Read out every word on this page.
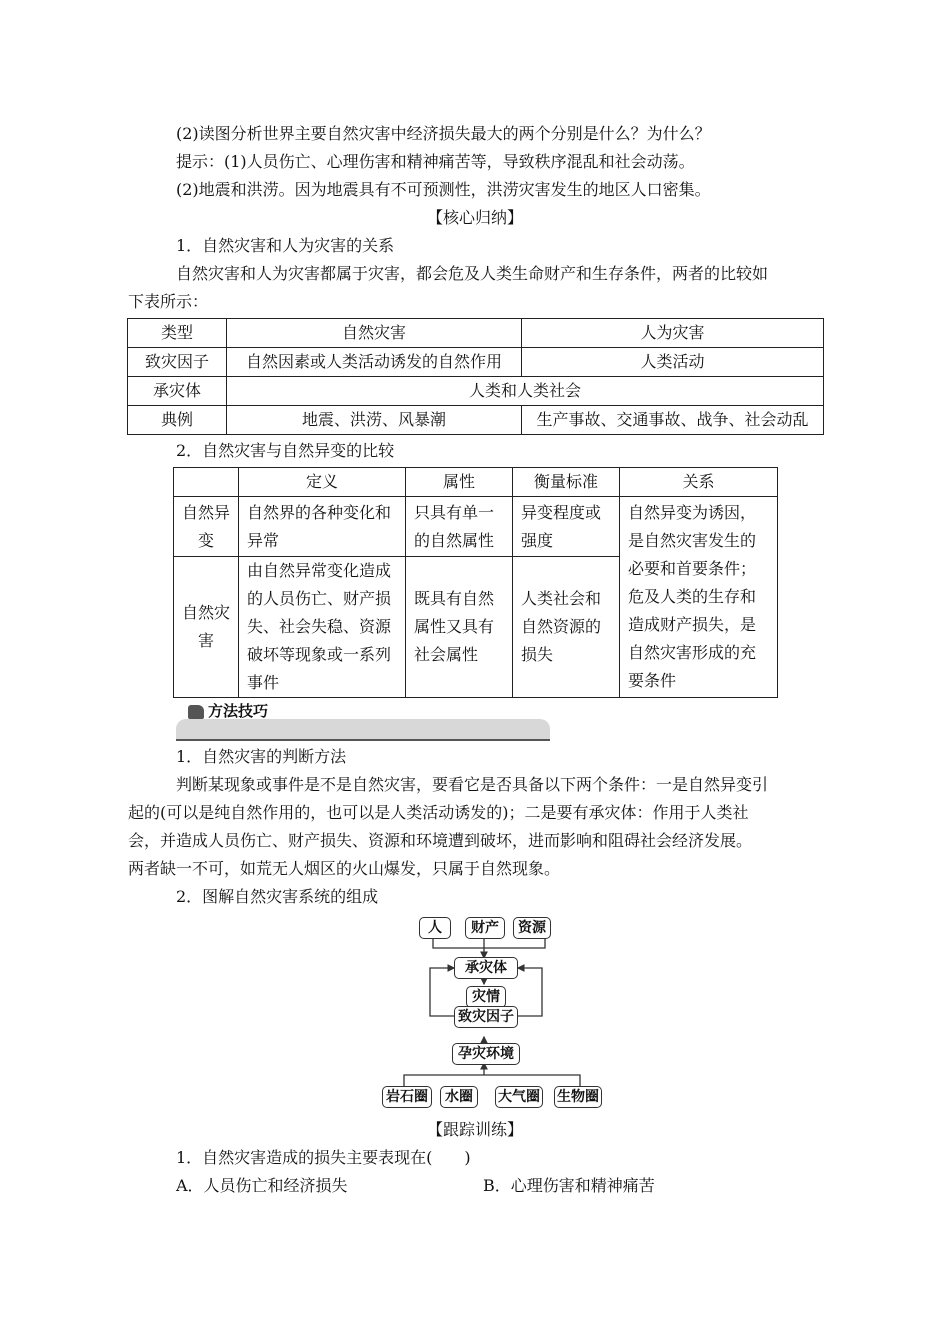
(2)读图分析世界主要自然灾害中经济损失最大的两个分别是什么？为什么？
提示：(1)人员伤亡、心理伤害和精神痛苦等，导致秩序混乱和社会动荡。
(2)地震和洪涝。因为地震具有不可预测性，洪涝灾害发生的地区人口密集。
【核心归纳】
1．自然灾害和人为灾害的关系
自然灾害和人为灾害都属于灾害，都会危及人类生命财产和生存条件，两者的比较如
下表所示：
类型	自然灾害	人为灾害
致灾因子	自然因素或人类活动诱发的自然作用	人类活动
承灾体	人类和人类社会	
典例	地震、洪涝、风暴潮	生产事故、交通事故、战争、社会动乱
2．自然灾害与自然异变的比较
	定义	属性	衡量标准	关系
自然异变	自然界的各种变化和异常	只具有单一的自然属性	异变程度或强度	自然异变为诱因，是自然灾害发生的必要和首要条件；危及人类的生存和造成财产损失，是自然灾害形成的充要条件
自然灾害	由自然异常变化造成的人员伤亡、财产损失、社会失稳、资源破坏等现象或一系列事件	既具有自然属性又具有社会属性	人类社会和自然资源的损失	
方法技巧
1．自然灾害的判断方法
判断某现象或事件是不是自然灾害，要看它是否具备以下两个条件：一是自然异变引
起的(可以是纯自然作用的，也可以是人类活动诱发的)；二是要有承灾体：作用于人类社
会，并造成人员伤亡、财产损失、资源和环境遭到破坏，进而影响和阻碍社会经济发展。
两者缺一不可，如荒无人烟区的火山爆发，只属于自然现象。
2．图解自然灾害系统的组成
人	财产	资源
承灾体
灾情
致灾因子
孕灾环境
岩石圈	水圈	大气圈 生物圈
【跟踪训练】
1．自然灾害造成的损失主要表现在(　　)
A．人员伤亡和经济损失	B．心理伤害和精神痛苦
